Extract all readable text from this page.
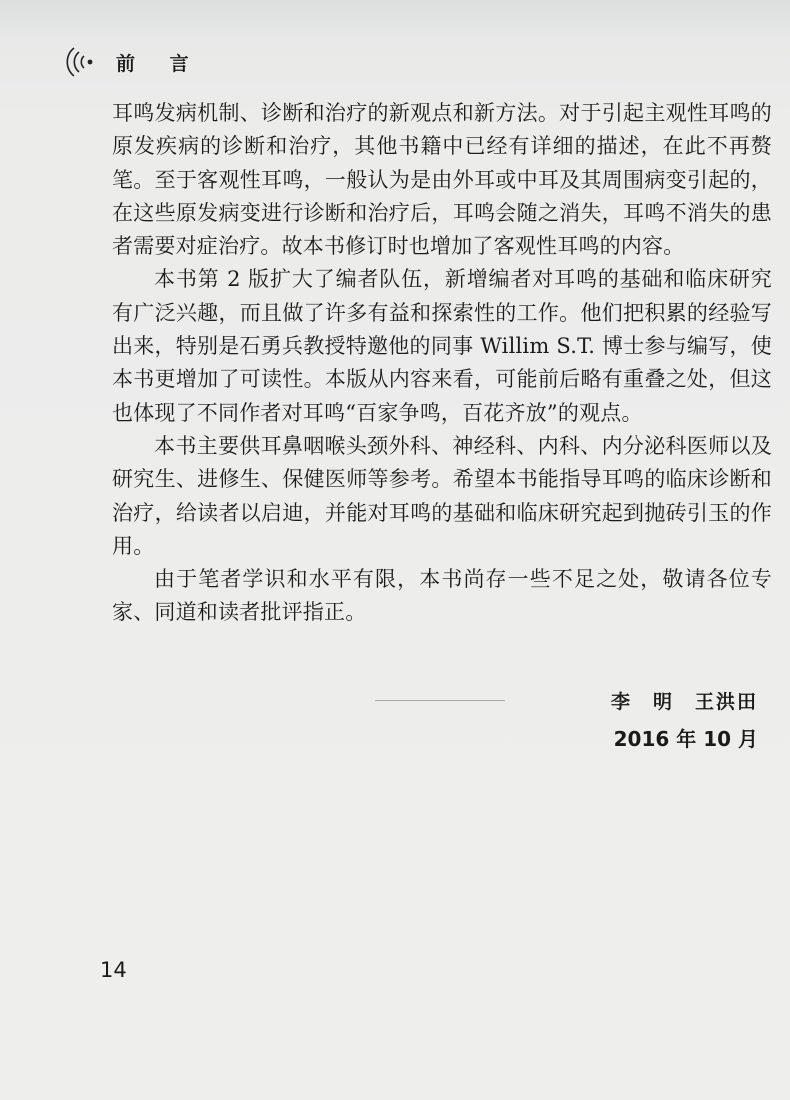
前 言

耳鸣发病机制、诊断和治疗的新观点和新方法。对于引起主观性耳鸣的原发疾病的诊断和治疗，其他书籍中已经有详细的描述，在此不再赘笔。至于客观性耳鸣，一般认为是由外耳或中耳及其周围病变引起的，在这些原发病变进行诊断和治疗后，耳鸣会随之消失，耳鸣不消失的患者需要对症治疗。故本书修订时也增加了客观性耳鸣的内容。

本书第 2 版扩大了编者队伍，新增编者对耳鸣的基础和临床研究有广泛兴趣，而且做了许多有益和探索性的工作。他们把积累的经验写出来，特别是石勇兵教授特邀他的同事 Willim S.T. 博士参与编写，使本书更增加了可读性。本版从内容来看，可能前后略有重叠之处，但这也体现了不同作者对耳鸣“百家争鸣，百花齐放”的观点。

本书主要供耳鼻咽喉头颈外科、神经科、内科、内分泌科医师以及研究生、进修生、保健医师等参考。希望本书能指导耳鸣的临床诊断和治疗，给读者以启迪，并能对耳鸣的基础和临床研究起到抛砖引玉的作用。

由于笔者学识和水平有限，本书尚存一些不足之处，敬请各位专家、同道和读者批评指正。

李　明　王洪田
2016 年 10 月
14
